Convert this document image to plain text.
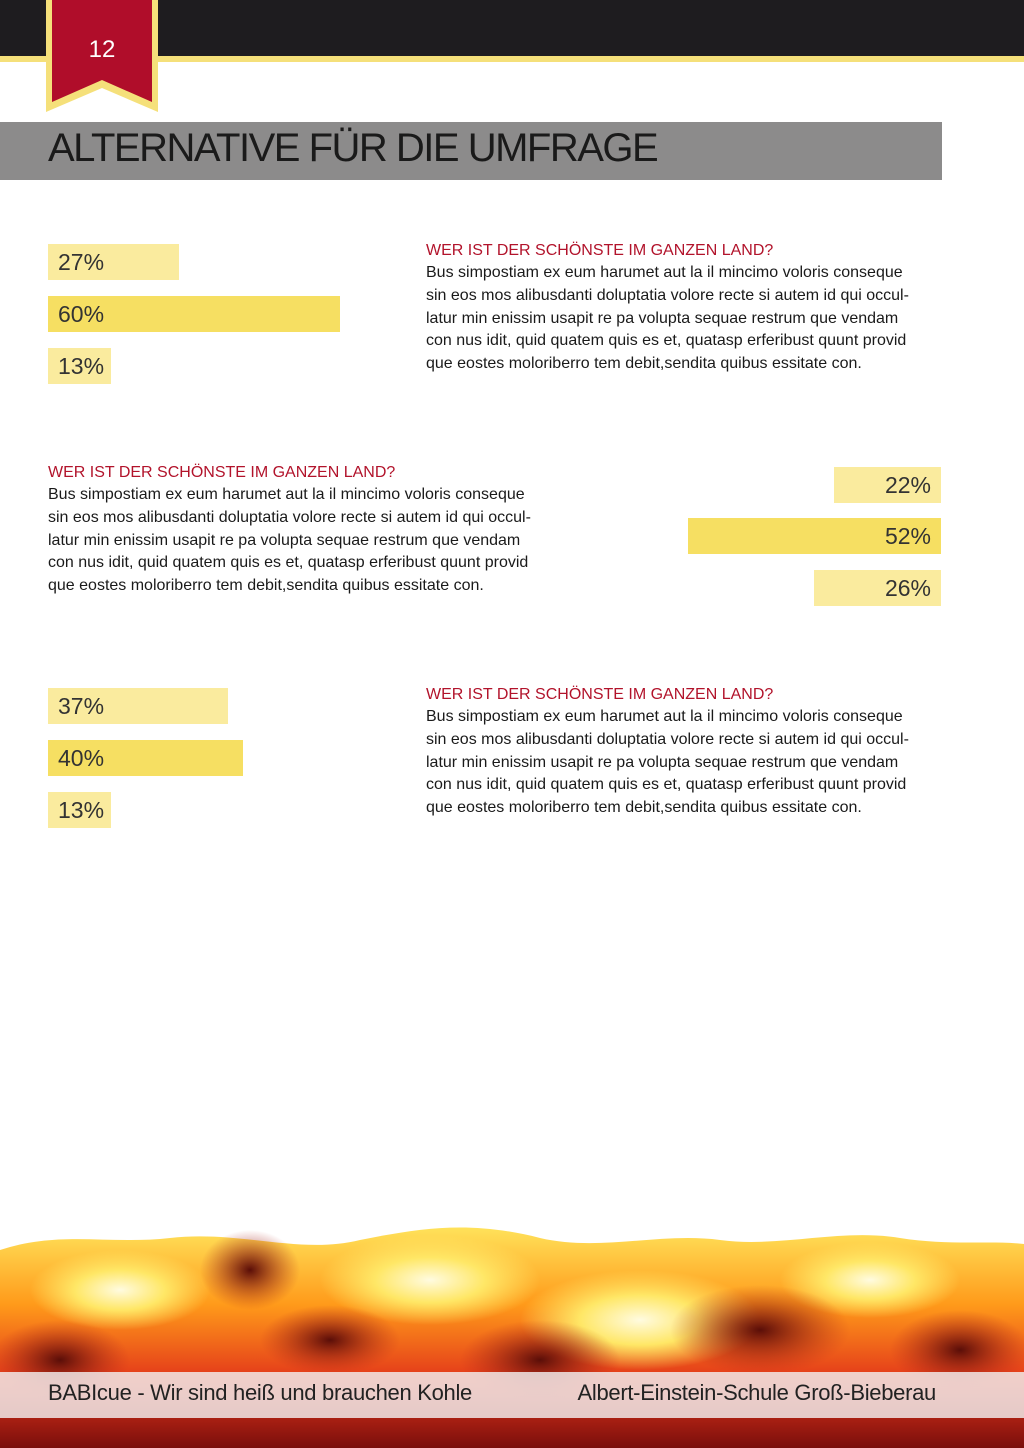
12
ALTERNATIVE FÜR DIE UMFRAGE
27%
60%
13%
WER IST DER SCHÖNSTE IM GANZEN LAND?
Bus simpostiam ex eum harumet aut la il mincimo voloris conseque
sin eos mos alibusdanti doluptatia volore recte si autem id qui occul-
latur min enissim usapit re pa volupta sequae restrum que vendam
con nus idit, quid quatem quis es et, quatasp erferibust quunt provid
que eostes moloriberro tem debit,sendita quibus essitate con.
WER IST DER SCHÖNSTE IM GANZEN LAND?
Bus simpostiam ex eum harumet aut la il mincimo voloris conseque
sin eos mos alibusdanti doluptatia volore recte si autem id qui occul-
latur min enissim usapit re pa volupta sequae restrum que vendam
con nus idit, quid quatem quis es et, quatasp erferibust quunt provid
que eostes moloriberro tem debit,sendita quibus essitate con.
22%
52%
26%
37%
40%
13%
WER IST DER SCHÖNSTE IM GANZEN LAND?
Bus simpostiam ex eum harumet aut la il mincimo voloris conseque
sin eos mos alibusdanti doluptatia volore recte si autem id qui occul-
latur min enissim usapit re pa volupta sequae restrum que vendam
con nus idit, quid quatem quis es et, quatasp erferibust quunt provid
que eostes moloriberro tem debit,sendita quibus essitate con.
BABIcue - Wir sind heiß und brauchen Kohle	Albert-Einstein-Schule Groß-Bieberau
